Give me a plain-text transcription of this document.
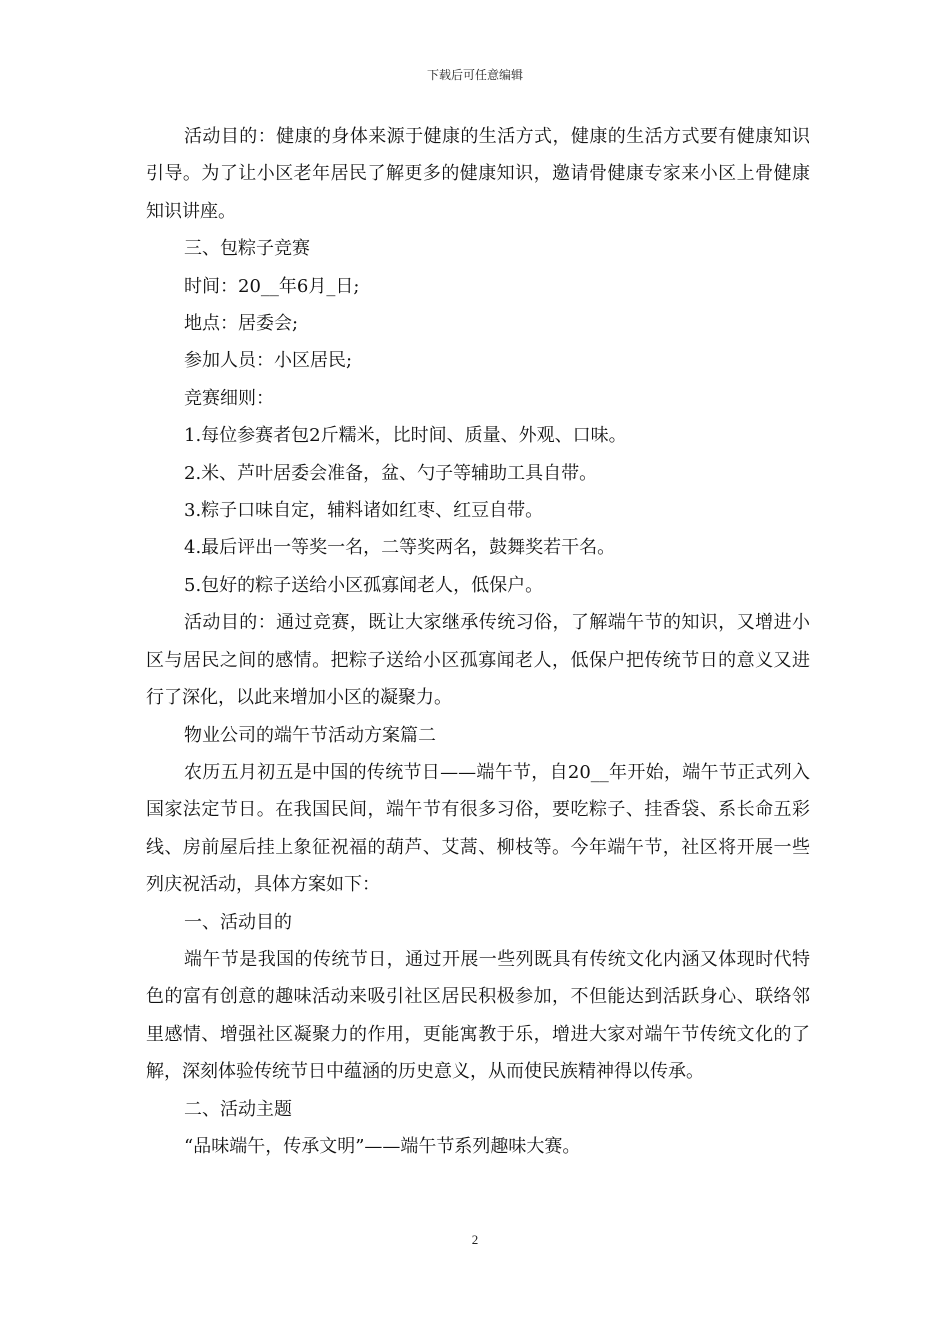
下载后可任意编辑

活动目的：健康的身体来源于健康的生活方式，健康的生活方式要有健康知识引导。为了让小区老年居民了解更多的健康知识，邀请骨健康专家来小区上骨健康知识讲座。

三、包粽子竞赛

时间：20__年6月_日;

地点：居委会;

参加人员：小区居民;

竞赛细则：

1.每位参赛者包2斤糯米，比时间、质量、外观、口味。

2.米、芦叶居委会准备，盆、勺子等辅助工具自带。

3.粽子口味自定，辅料诸如红枣、红豆自带。

4.最后评出一等奖一名，二等奖两名，鼓舞奖若干名。

5.包好的粽子送给小区孤寡闻老人，低保户。

活动目的：通过竞赛，既让大家继承传统习俗，了解端午节的知识，又增进小区与居民之间的感情。把粽子送给小区孤寡闻老人，低保户把传统节日的意义又进行了深化，以此来增加小区的凝聚力。

物业公司的端午节活动方案篇二

农历五月初五是中国的传统节日——端午节，自20__年开始，端午节正式列入国家法定节日。在我国民间，端午节有很多习俗，要吃粽子、挂香袋、系长命五彩线、房前屋后挂上象征祝福的葫芦、艾蒿、柳枝等。今年端午节，社区将开展一些列庆祝活动，具体方案如下：

一、活动目的

端午节是我国的传统节日，通过开展一些列既具有传统文化内涵又体现时代特色的富有创意的趣味活动来吸引社区居民积极参加，不但能达到活跃身心、联络邻里感情、增强社区凝聚力的作用，更能寓教于乐，增进大家对端午节传统文化的了解，深刻体验传统节日中蕴涵的历史意义，从而使民族精神得以传承。

二、活动主题

“品味端午，传承文明”——端午节系列趣味大赛。

2
